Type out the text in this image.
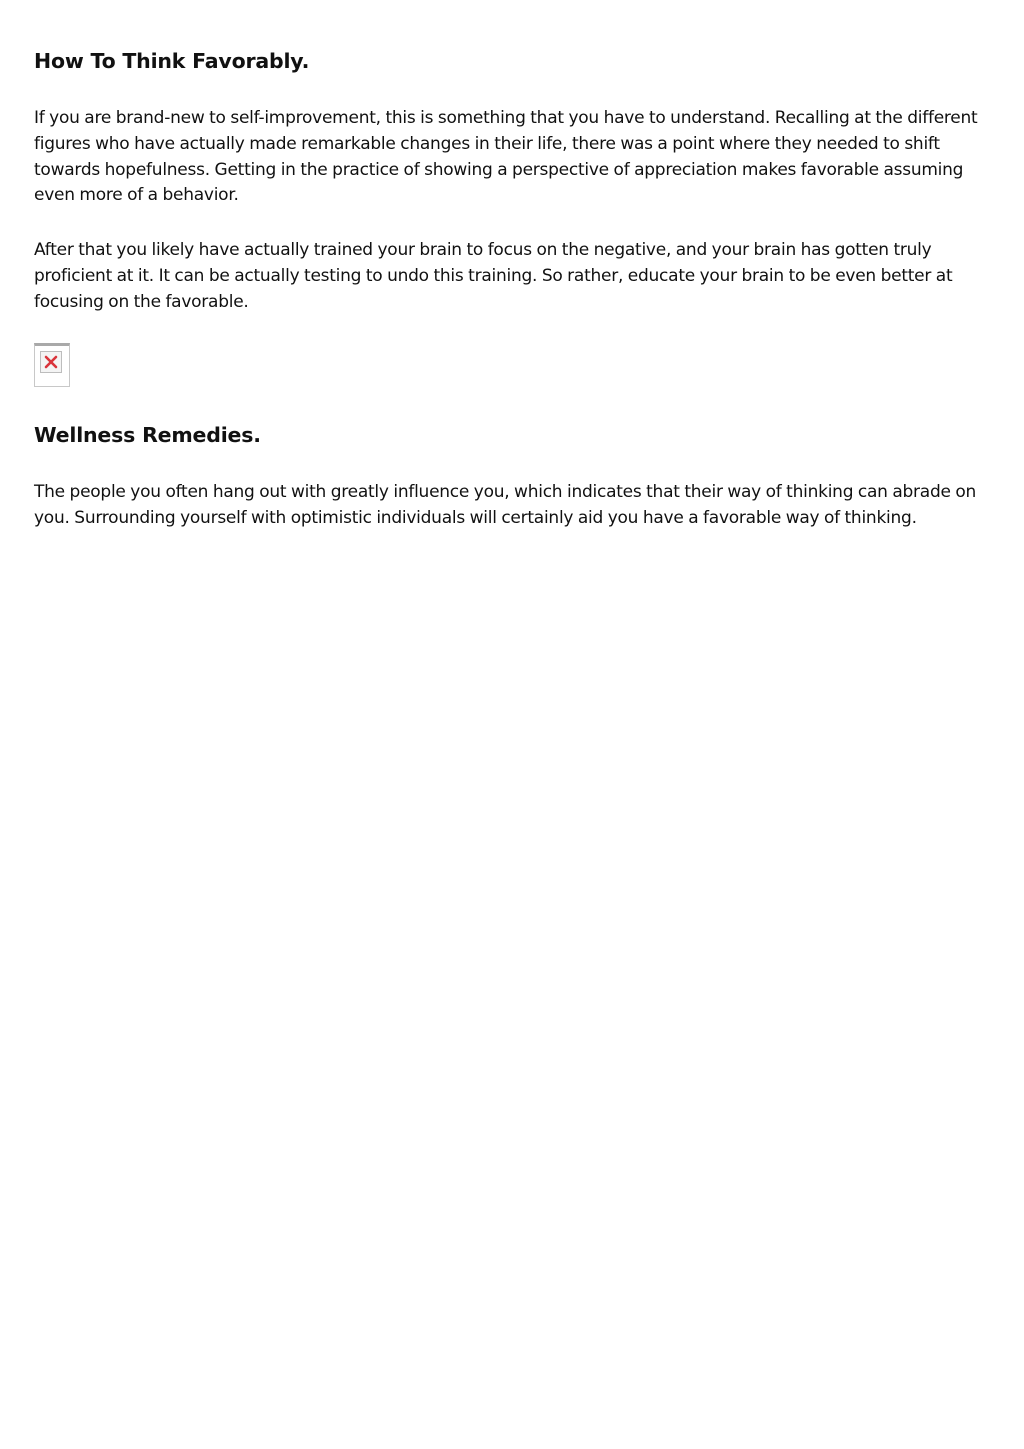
How To Think Favorably.

If you are brand-new to self-improvement, this is something that you have to understand. Recalling at the different figures who have actually made remarkable changes in their life, there was a point where they needed to shift towards hopefulness. Getting in the practice of showing a perspective of appreciation makes favorable assuming even more of a behavior.

After that you likely have actually trained your brain to focus on the negative, and your brain has gotten truly proficient at it. It can be actually testing to undo this training. So rather, educate your brain to be even better at focusing on the favorable.

Wellness Remedies.

The people you often hang out with greatly influence you, which indicates that their way of thinking can abrade on you. Surrounding yourself with optimistic individuals will certainly aid you have a favorable way of thinking.
